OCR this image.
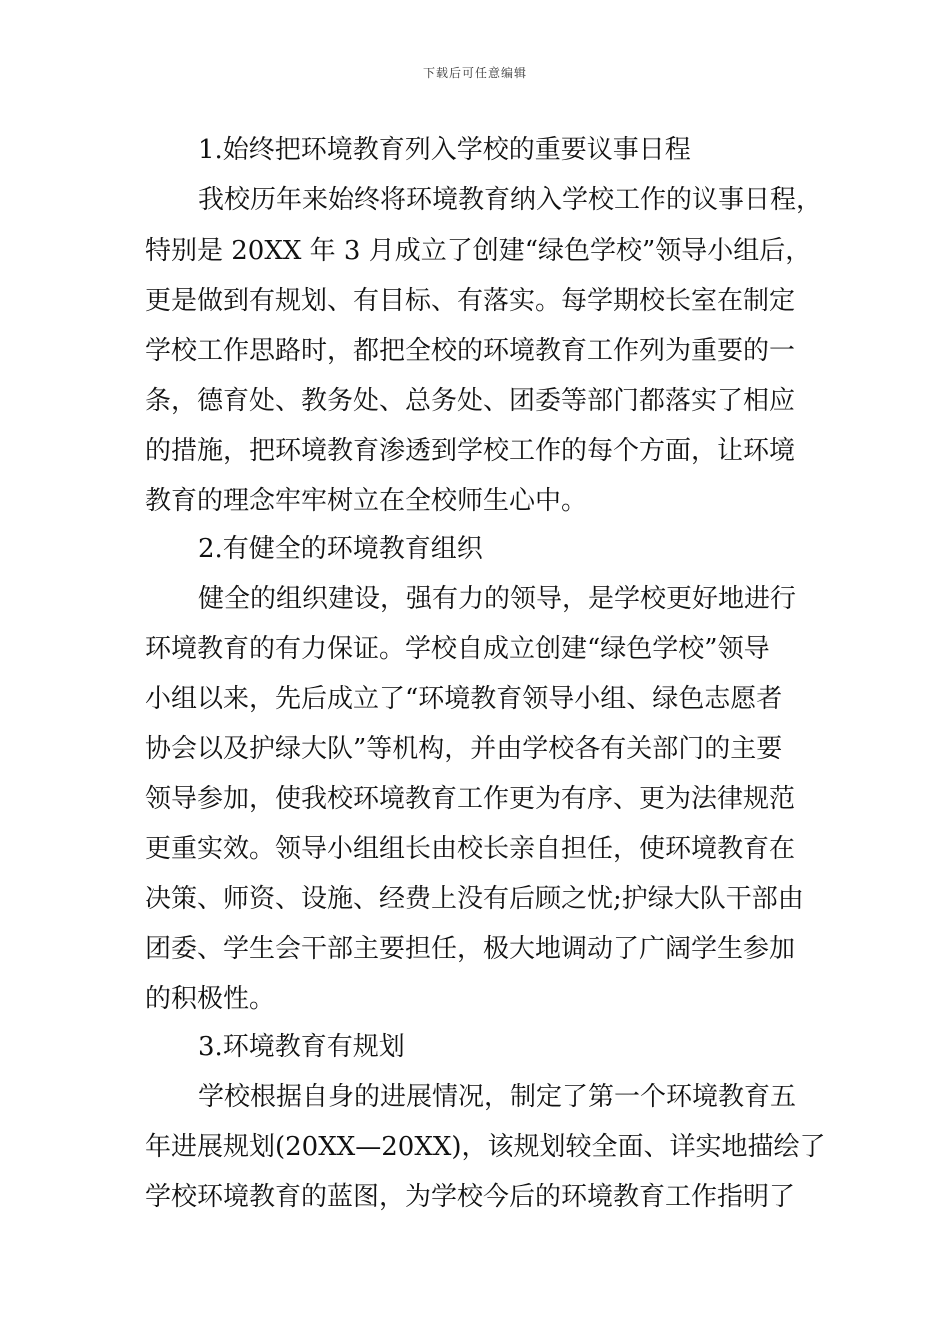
下载后可任意编辑
1.始终把环境教育列入学校的重要议事日程
我校历年来始终将环境教育纳入学校工作的议事日程，
特别是 20XX 年 3 月成立了创建“绿色学校”领导小组后，
更是做到有规划、有目标、有落实。每学期校长室在制定
学校工作思路时，都把全校的环境教育工作列为重要的一
条，德育处、教务处、总务处、团委等部门都落实了相应
的措施，把环境教育渗透到学校工作的每个方面，让环境
教育的理念牢牢树立在全校师生心中。
2.有健全的环境教育组织
健全的组织建设，强有力的领导，是学校更好地进行
环境教育的有力保证。学校自成立创建“绿色学校”领导
小组以来，先后成立了“环境教育领导小组、绿色志愿者
协会以及护绿大队”等机构，并由学校各有关部门的主要
领导参加，使我校环境教育工作更为有序、更为法律规范
更重实效。领导小组组长由校长亲自担任，使环境教育在
决策、师资、设施、经费上没有后顾之忧;护绿大队干部由
团委、学生会干部主要担任，极大地调动了广阔学生参加
的积极性。
3.环境教育有规划
学校根据自身的进展情况，制定了第一个环境教育五
年进展规划(20XX—20XX)，该规划较全面、详实地描绘了
学校环境教育的蓝图，为学校今后的环境教育工作指明了
